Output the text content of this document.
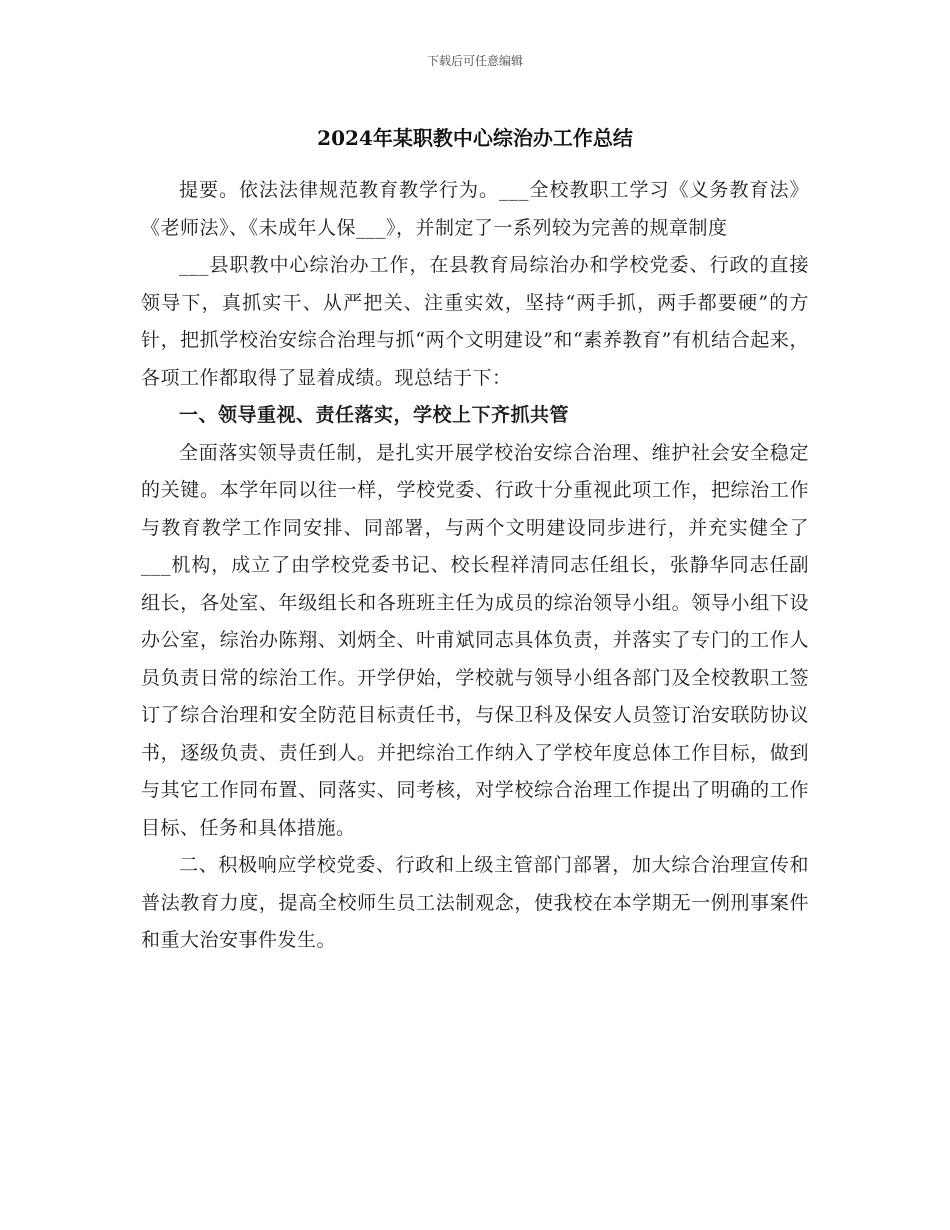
下载后可任意编辑
2024年某职教中心综治办工作总结

提要。依法法律规范教育教学行为。___全校教职工学习《义务教育法》《老师法》、《未成年人保___》，并制定了一系列较为完善的规章制度

___县职教中心综治办工作，在县教育局综治办和学校党委、行政的直接领导下，真抓实干、从严把关、注重实效，坚持“两手抓，两手都要硬”的方针，把抓学校治安综合治理与抓“两个文明建设”和“素养教育”有机结合起来，各项工作都取得了显着成绩。现总结于下：

一、领导重视、责任落实，学校上下齐抓共管

全面落实领导责任制，是扎实开展学校治安综合治理、维护社会安全稳定的关键。本学年同以往一样，学校党委、行政十分重视此项工作，把综治工作与教育教学工作同安排、同部署，与两个文明建设同步进行，并充实健全了___机构，成立了由学校党委书记、校长程祥清同志任组长，张静华同志任副组长，各处室、年级组长和各班班主任为成员的综治领导小组。领导小组下设办公室，综治办陈翔、刘炳全、叶甫斌同志具体负责，并落实了专门的工作人员负责日常的综治工作。开学伊始，学校就与领导小组各部门及全校教职工签订了综合治理和安全防范目标责任书，与保卫科及保安人员签订治安联防协议书，逐级负责、责任到人。并把综治工作纳入了学校年度总体工作目标，做到与其它工作同布置、同落实、同考核，对学校综合治理工作提出了明确的工作目标、任务和具体措施。

二、积极响应学校党委、行政和上级主管部门部署，加大综合治理宣传和普法教育力度，提高全校师生员工法制观念，使我校在本学期无一例刑事案件和重大治安事件发生。
